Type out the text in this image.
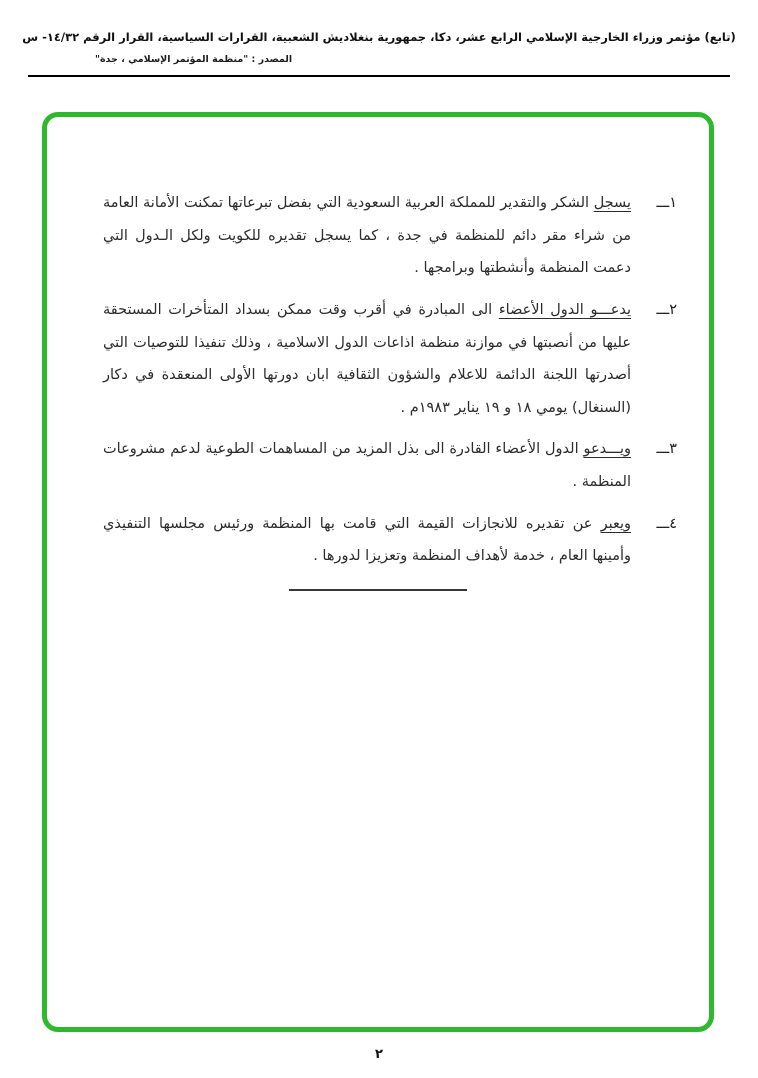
(تابع) مؤتمر وزراء الخارجية الإسلامي الرابع عشر، دكا، جمهورية بنغلاديش الشعبية، القرارات السياسية، القرار الرقم ١٤/٣٢- س
المصدر : "منظمة المؤتمر الإسلامي ، جدة"
١ـــ
يسجل الشكر والتقدير للمملكة العربية السعودية التي بفضل تبرعاتها تمكنت الأمانة العامة من شراء مقر دائم للمنظمة في جدة ، كما يسجل تقديره للكويت ولكل الـدول التي دعمت المنظمة وأنشطتها وبرامجها .
٢ـــ
يدعـــو الدول الأعضاء الى المبادرة في أقرب وقت ممكن بسداد المتأخرات المستحقة عليها من أنصبتها في موازنة منظمة اذاعات الدول الاسلامية ، وذلك تنفيذا للتوصيات التي أصدرتها اللجنة الدائمة للاعلام والشؤون الثقافية ابان دورتها الأولى المنعقدة في دكار (السنغال) يومي ١٨ و ١٩ يناير ١٩٨٣م .
٣ـــ
ويـــدعو الدول الأعضاء القادرة الى بذل المزيد من المساهمات الطوعية لدعم مشروعات المنظمة .
٤ـــ
ويعبر عن تقديره للانجازات القيمة التي قامت بها المنظمة ورئيس مجلسها التنفيذي وأمينها العام ، خدمة لأهداف المنظمة وتعزيزا لدورها .
٢
